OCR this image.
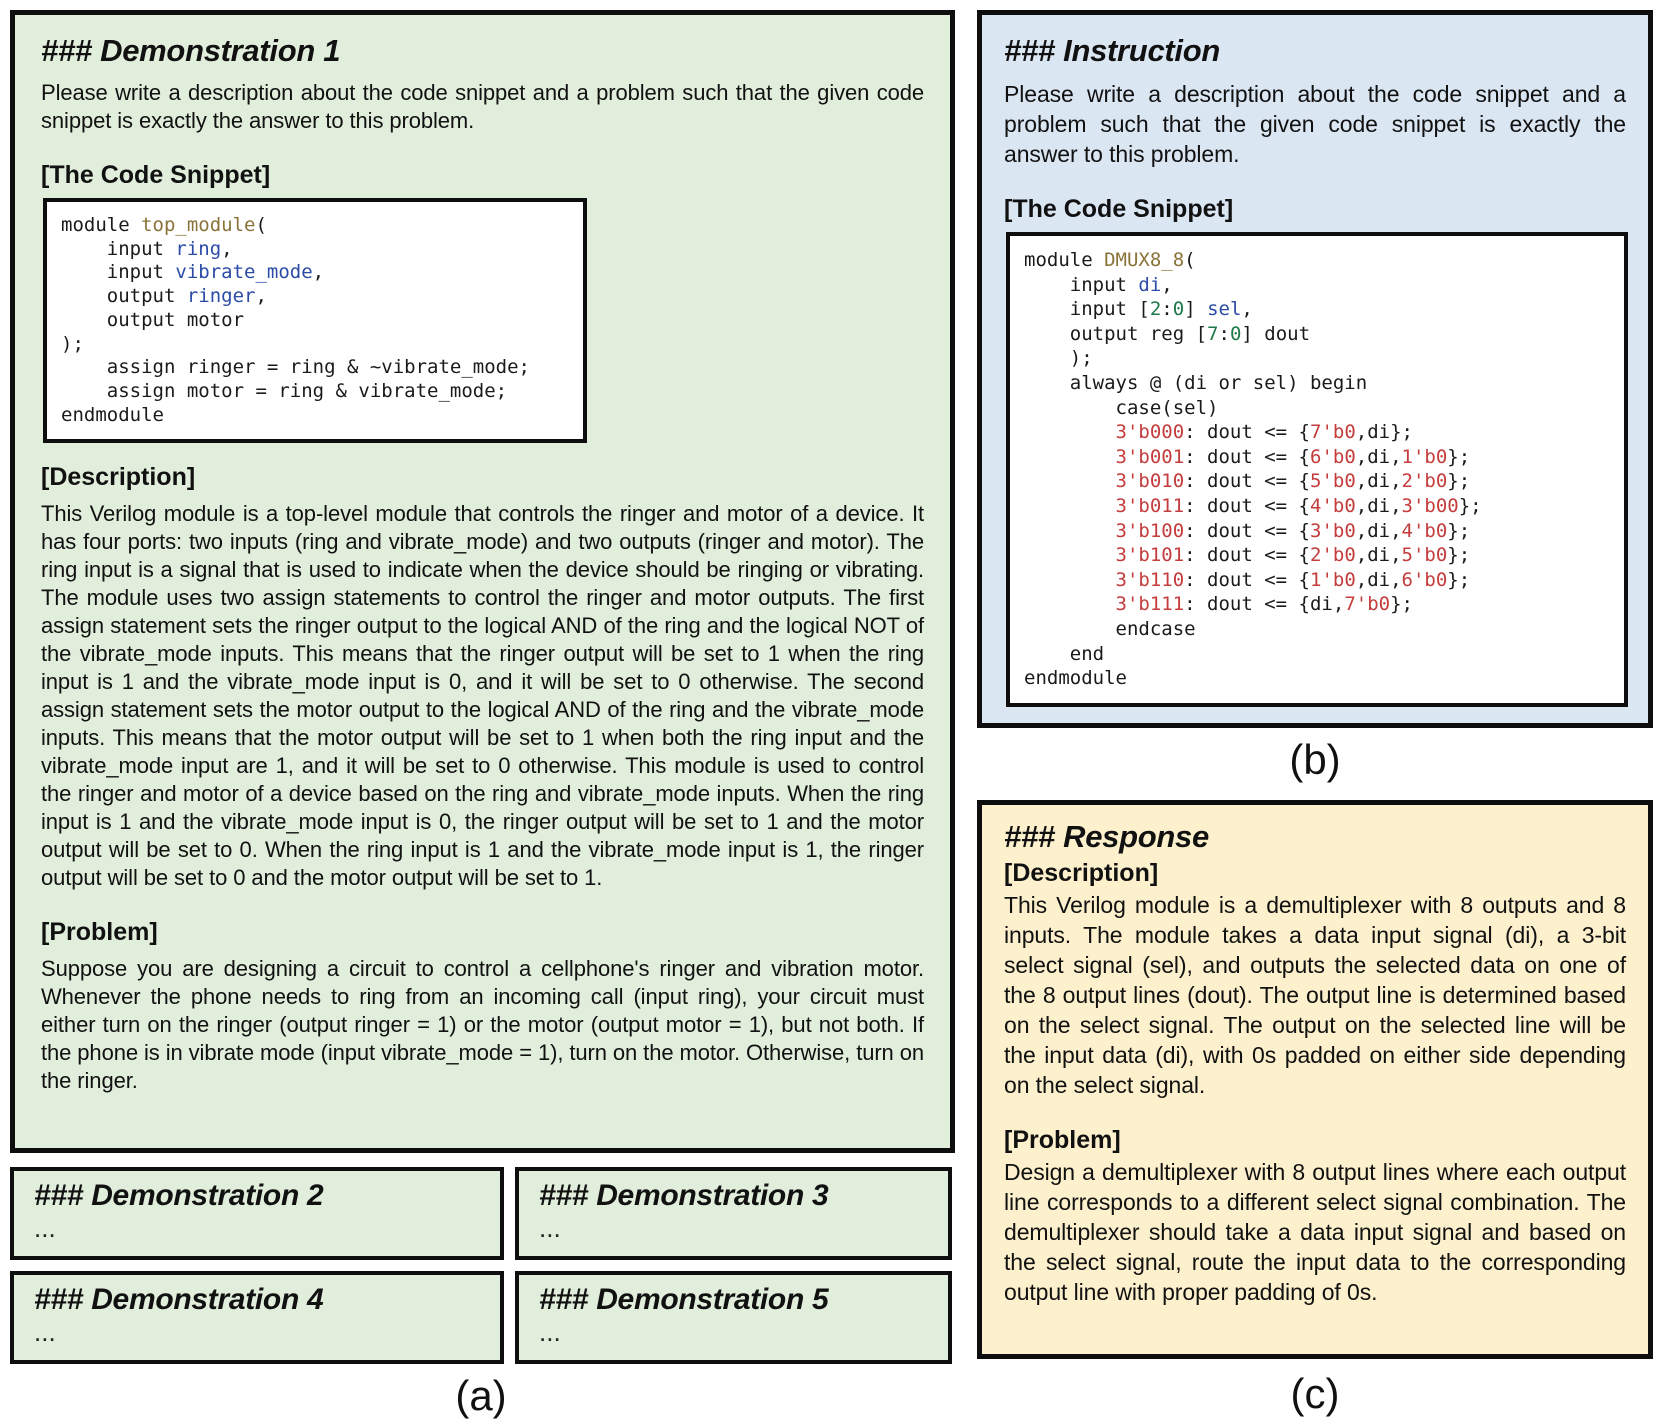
### Demonstration 1

Please write a description about the code snippet and a problem such that the given code snippet is exactly the answer to this problem.

[The Code Snippet]
module top_module(
input ring,
input vibrate_mode,
output ringer,
output motor
);
assign ringer = ring & ~vibrate_mode;
assign motor = ring & vibrate_mode;
endmodule
[Description]

This Verilog module is a top-level module that controls the ringer and motor of a device. It has four ports: two inputs (ring and vibrate_mode) and two outputs (ringer and motor). The ring input is a signal that is used to indicate when the device should be ringing or vibrating. The module uses two assign statements to control the ringer and motor outputs. The first assign statement sets the ringer output to the logical AND of the ring and the logical NOT of the vibrate_mode inputs. This means that the ringer output will be set to 1 when the ring input is 1 and the vibrate_mode input is 0, and it will be set to 0 otherwise. The second assign statement sets the motor output to the logical AND of the ring and the vibrate_mode inputs. This means that the motor output will be set to 1 when both the ring input and the vibrate_mode input are 1, and it will be set to 0 otherwise. This module is used to control the ringer and motor of a device based on the ring and vibrate_mode inputs. When the ring input is 1 and the vibrate_mode input is 0, the ringer output will be set to 1 and the motor output will be set to 0. When the ring input is 1 and the vibrate_mode input is 1, the ringer output will be set to 0 and the motor output will be set to 1.

[Problem]

Suppose you are designing a circuit to control a cellphone's ringer and vibration motor. Whenever the phone needs to ring from an incoming call (input ring), your circuit must either turn on the ringer (output ringer = 1) or the motor (output motor = 1), but not both. If the phone is in vibrate mode (input vibrate_mode = 1), turn on the motor. Otherwise, turn on the ringer.

### Demonstration 2
...
### Demonstration 3
...
### Demonstration 4
...
### Demonstration 5
...
(a)
### Instruction

Please write a description about the code snippet and a problem such that the given code snippet is exactly the answer to this problem.

[The Code Snippet]
module DMUX8_8(
input di,
input [2:0] sel,
output reg [7:0] dout
);
always @ (di or sel) begin
case(sel)
3'b000: dout <= {7'b0,di};
3'b001: dout <= {6'b0,di,1'b0};
3'b010: dout <= {5'b0,di,2'b0};
3'b011: dout <= {4'b0,di,3'b00};
3'b100: dout <= {3'b0,di,4'b0};
3'b101: dout <= {2'b0,di,5'b0};
3'b110: dout <= {1'b0,di,6'b0};
3'b111: dout <= {di,7'b0};
endcase
end
endmodule
(b)
### Response
[Description]

This Verilog module is a demultiplexer with 8 outputs and 8 inputs. The module takes a data input signal (di), a 3-bit select signal (sel), and outputs the selected data on one of the 8 output lines (dout). The output line is determined based on the select signal. The output on the selected line will be the input data (di), with 0s padded on either side depending on the select signal.

[Problem]

Design a demultiplexer with 8 output lines where each output line corresponds to a different select signal combination. The demultiplexer should take a data input signal and based on the select signal, route the input data to the corresponding output line with proper padding of 0s.

(c)
